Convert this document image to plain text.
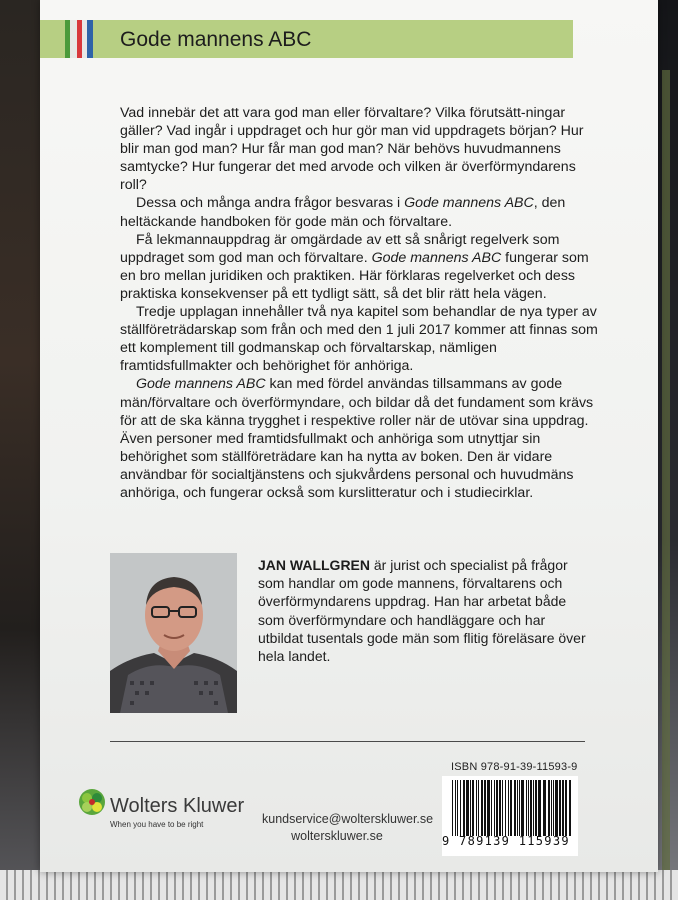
Gode mannens ABC

Vad innebär det att vara god man eller förvaltare? Vilka förutsätt-ningar gäller? Vad ingår i uppdraget och hur gör man vid uppdragets början? Hur blir man god man? Hur får man god man? När behövs huvudmannens samtycke? Hur fungerar det med arvode och vilken är överförmyndarens roll?

Dessa och många andra frågor besvaras i Gode mannens ABC, den heltäckande handboken för gode män och förvaltare.

Få lekmannauppdrag är omgärdade av ett så snårigt regelverk som uppdraget som god man och förvaltare. Gode mannens ABC fungerar som en bro mellan juridiken och praktiken. Här förklaras regelverket och dess praktiska konsekvenser på ett tydligt sätt, så det blir rätt hela vägen.

Tredje upplagan innehåller två nya kapitel som behandlar de nya typer av ställföreträdarskap som från och med den 1 juli 2017 kommer att finnas som ett komplement till godmanskap och förvaltarskap, nämligen framtidsfullmakter och behörighet för anhöriga.

Gode mannens ABC kan med fördel användas tillsammans av gode män/förvaltare och överförmyndare, och bildar då det fundament som krävs för att de ska känna trygghet i respektive roller när de utövar sina uppdrag. Även personer med framtidsfullmakt och anhöriga som utnyttjar sin behörighet som ställföreträdare kan ha nytta av boken. Den är vidare användbar för socialtjänstens och sjukvårdens personal och huvudmäns anhöriga, och fungerar också som kurslitteratur och i studiecirklar.

JAN WALLGREN är jurist och specialist på frågor som handlar om gode mannens, förvaltarens och överförmyndarens uppdrag. Han har arbetat både som överförmyndare och handläggare och har utbildat tusentals gode män som flitig föreläsare över hela landet.
ISBN 978-91-39-11593-9
9 789139 115939
Wolters Kluwer
When you have to be right	kundservice@wolterskluwer.se
wolterskluwer.se
